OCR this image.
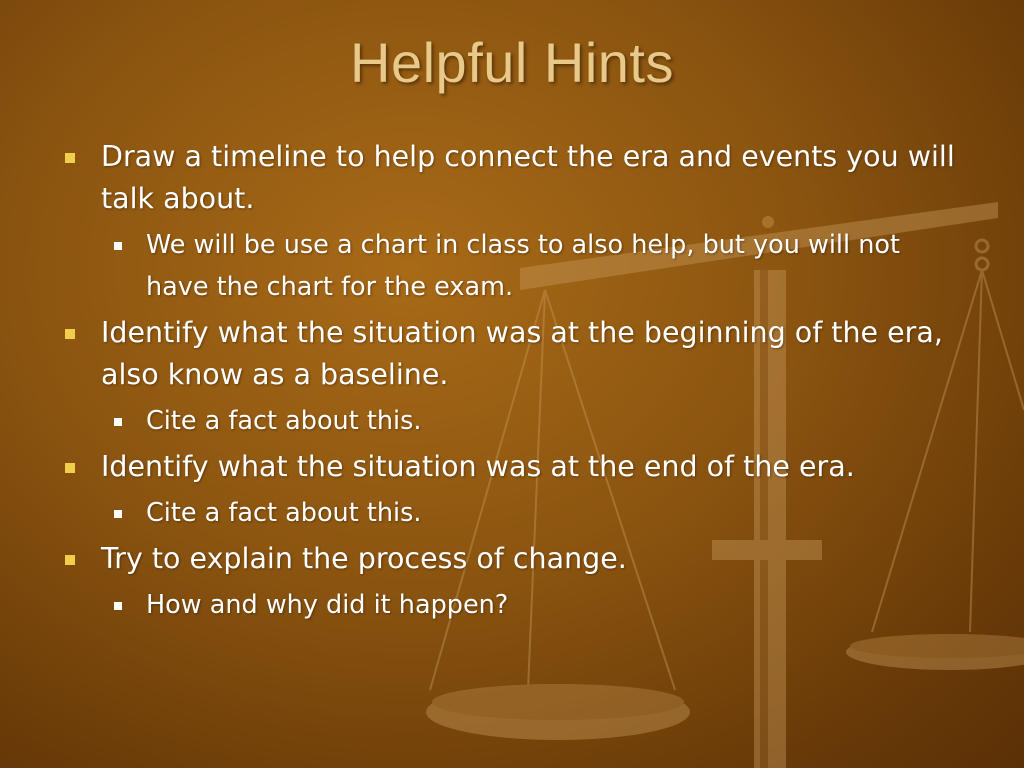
Helpful Hints
Draw a timeline to help connect the era and events you will talk about.
We will be use a chart in class to also help, but you will not have the chart for the exam.
Identify what the situation was at the beginning of the era, also know as a baseline.
Cite a fact about this.
Identify what the situation was at the end of the era.
Cite a fact about this.
Try to explain the process of change.
How and why did it happen?
